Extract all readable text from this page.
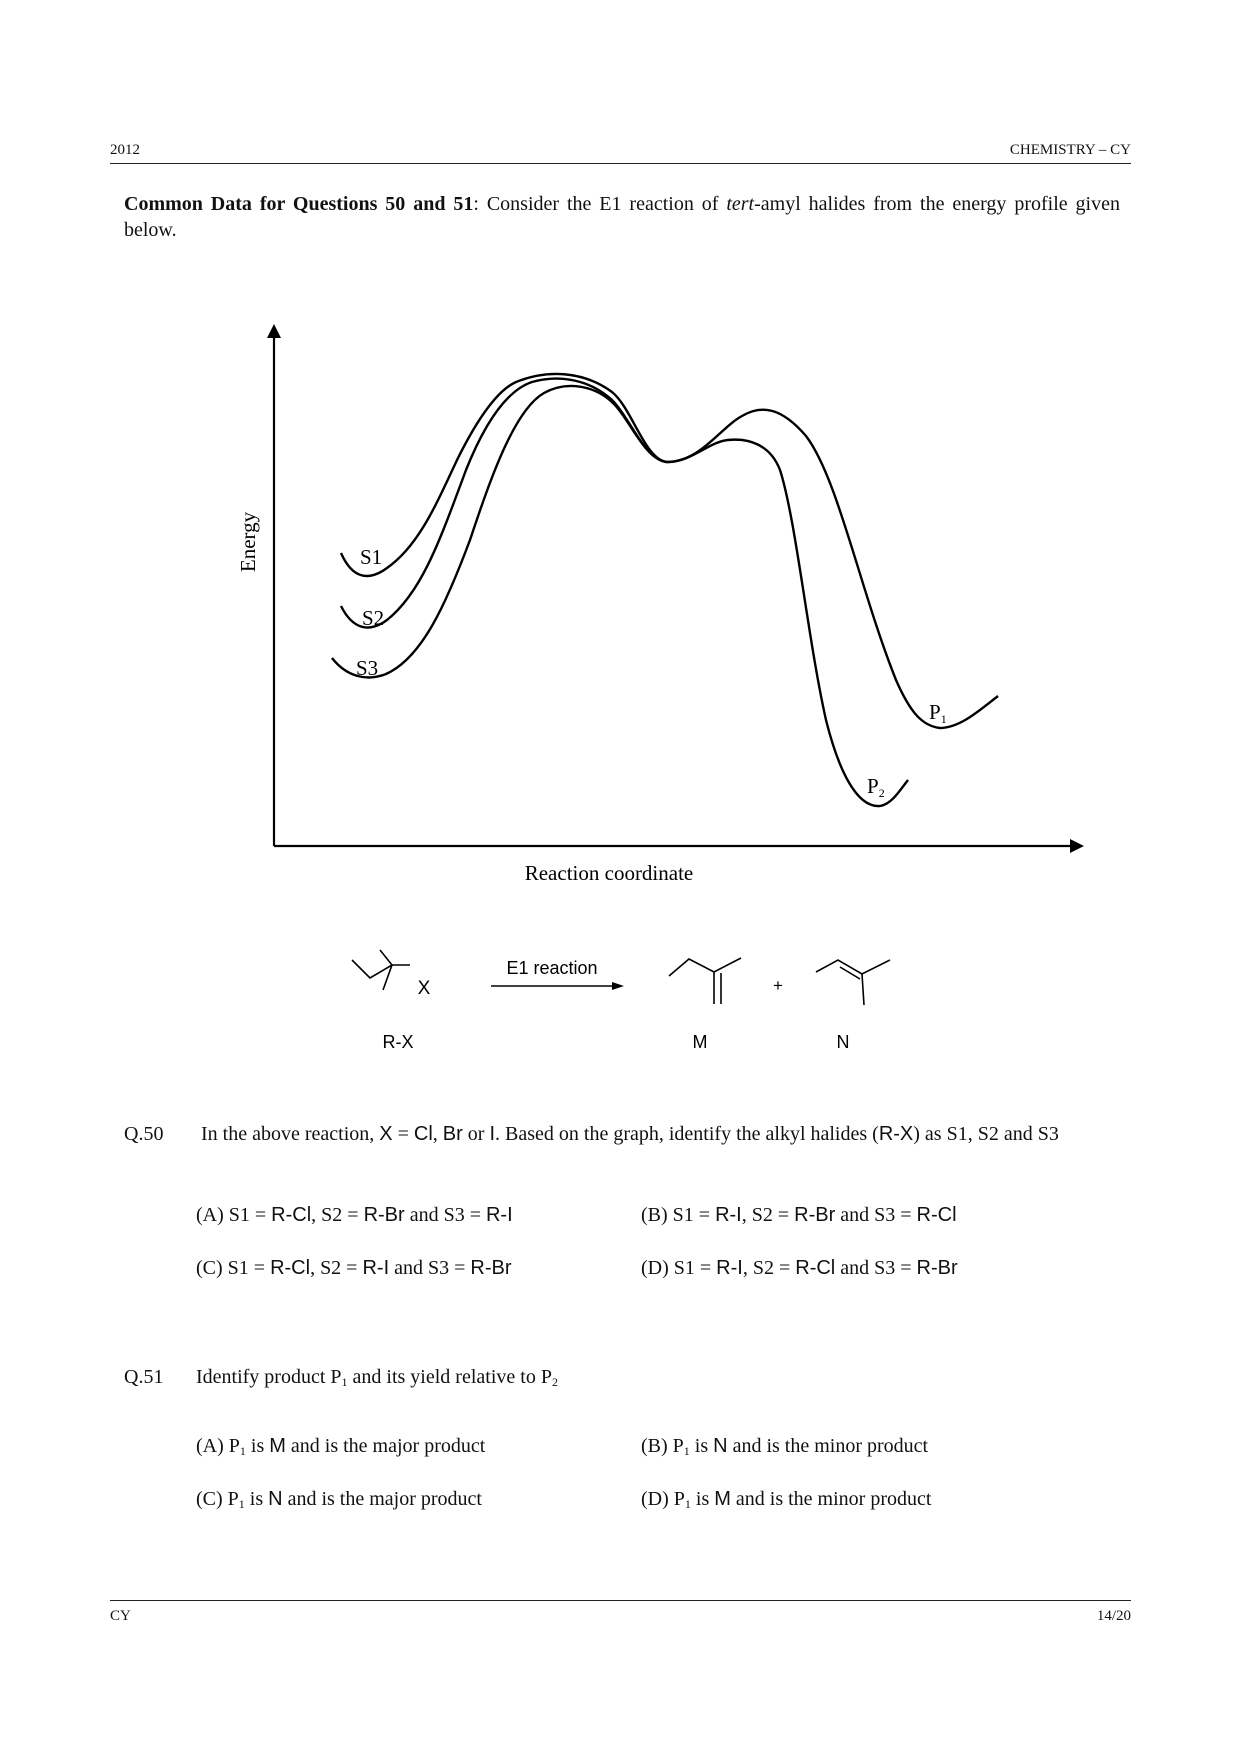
2012	CHEMISTRY – CY
Common Data for Questions 50 and 51: Consider the E1 reaction of tert-amyl halides from the energy profile given below.
Energy
Reaction coordinate
S1
S2
S3
P1
P2
X
E1 reaction
+
R-X	M	N
Q.50 In the above reaction, X = Cl, Br or I. Based on the graph, identify the alkyl halides (R-X) as S1, S2 and S3
(A) S1 = R-Cl, S2 = R-Br and S3 = R-I	(B) S1 = R-I, S2 = R-Br and S3 = R-Cl
(C) S1 = R-Cl, S2 = R-I and S3 = R-Br	(D) S1 = R-I, S2 = R-Cl and S3 = R-Br
Q.51 Identify product $P_1$ and its yield relative to $P_2$
(A) $P_1$ is M and is the major product	(B) $P_1$ is N and is the minor product
(C) $P_1$ is N and is the major product	(D) $P_1$ is M and is the minor product
CY	14/20
